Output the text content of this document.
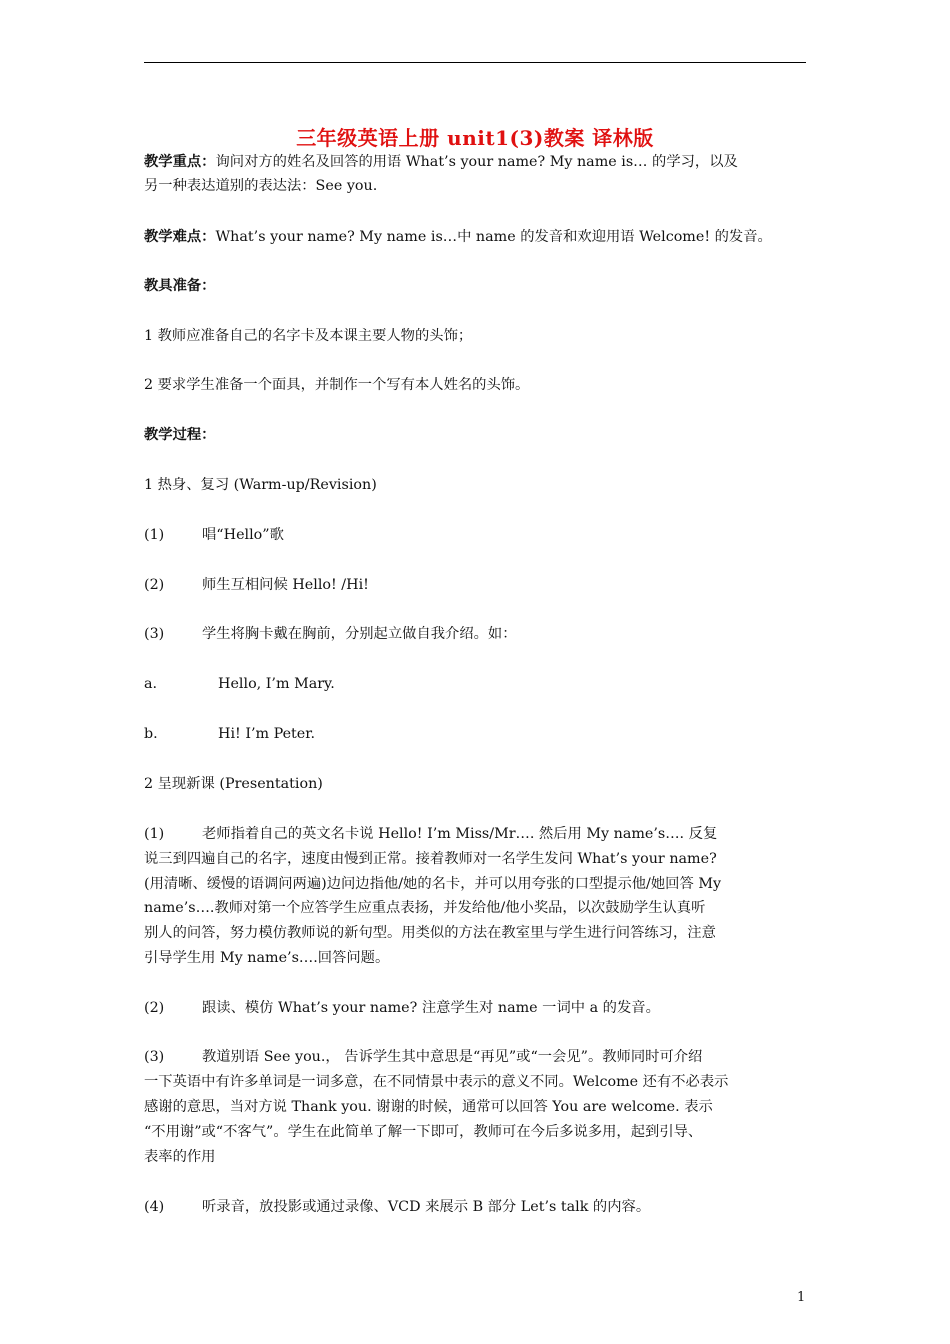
三年级英语上册 unit1(3)教案 译林版
教学重点：询问对方的姓名及回答的用语 What’s your name? My name is… 的学习，以及
另一种表达道别的表达法：See you.
教学难点：What’s your name? My name is…中 name 的发音和欢迎用语 Welcome! 的发音。
教具准备：
1 教师应准备自己的名字卡及本课主要人物的头饰；
2 要求学生准备一个面具，并制作一个写有本人姓名的头饰。
教学过程：
1 热身、复习 (Warm-up/Revision)
(1)	唱“Hello”歌
(2)	师生互相问候 Hello! /Hi!
(3)	学生将胸卡戴在胸前，分别起立做自我介绍。如：
a.	Hello, I’m Mary.
b.	Hi! I’m Peter.
2 呈现新课 (Presentation)
(1)	老师指着自己的英文名卡说 Hello! I’m Miss/Mr…. 然后用 My name’s…. 反复
说三到四遍自己的名字，速度由慢到正常。接着教师对一名学生发问 What’s your name?
(用清晰、缓慢的语调问两遍)边问边指他/她的名卡，并可以用夸张的口型提示他/她回答 My
name’s….教师对第一个应答学生应重点表扬，并发给他/他小奖品，以次鼓励学生认真听
别人的问答，努力模仿教师说的新句型。用类似的方法在教室里与学生进行问答练习，注意
引导学生用 My name’s….回答问题。
(2)	跟读、模仿 What’s your name? 注意学生对 name 一词中 a 的发音。
(3)	教道别语 See you.， 告诉学生其中意思是“再见”或“一会见”。教师同时可介绍
一下英语中有许多单词是一词多意，在不同情景中表示的意义不同。Welcome 还有不必表示
感谢的意思，当对方说 Thank you. 谢谢的时候，通常可以回答 You are welcome. 表示
“不用谢”或“不客气”。学生在此简单了解一下即可，教师可在今后多说多用，起到引导、
表率的作用
(4)	听录音，放投影或通过录像、VCD 来展示 B 部分 Let’s talk 的内容。
1
